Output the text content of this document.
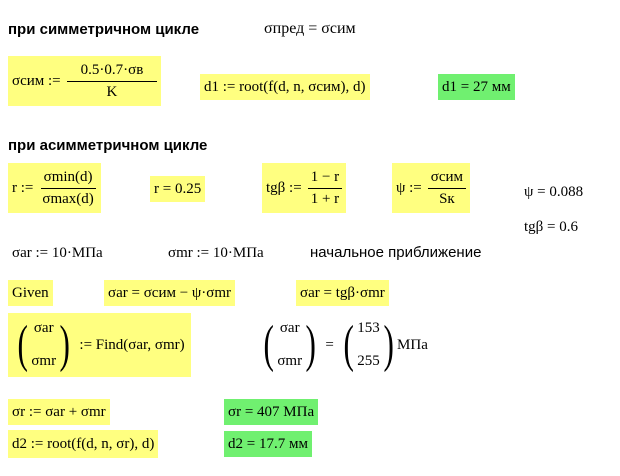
при симметричном цикле	σпред = σсим
σсим := $\frac{0.5\cdot 0.7\cdot\sigma в}{K}$	d1 := root(f(d, n, σсим), d)	d1 = 27 мм
при асимметричном цикле
r := $\frac{\sigma\min(d)}{\sigma\max(d)}$	r = 0.25	tgβ := $\frac{1 - r}{1 + r}$	ψ := $\frac{\text{σсим}}{Sк}$	ψ = 0.088
tgβ = 0.6
σar := 10·МПа	σmr := 10·МПа	начальное приближение
Given	σar = σсим − ψ·σmr	σar = tgβ·σmr
( σar
σmr ) := Find(σar, σmr) ( σar
σmr ) = ( 153
255 ) МПа
σr := σar + σmr	σr = 407 МПа
d2 := root(f(d, n, σr), d)	d2 = 17.7 мм
